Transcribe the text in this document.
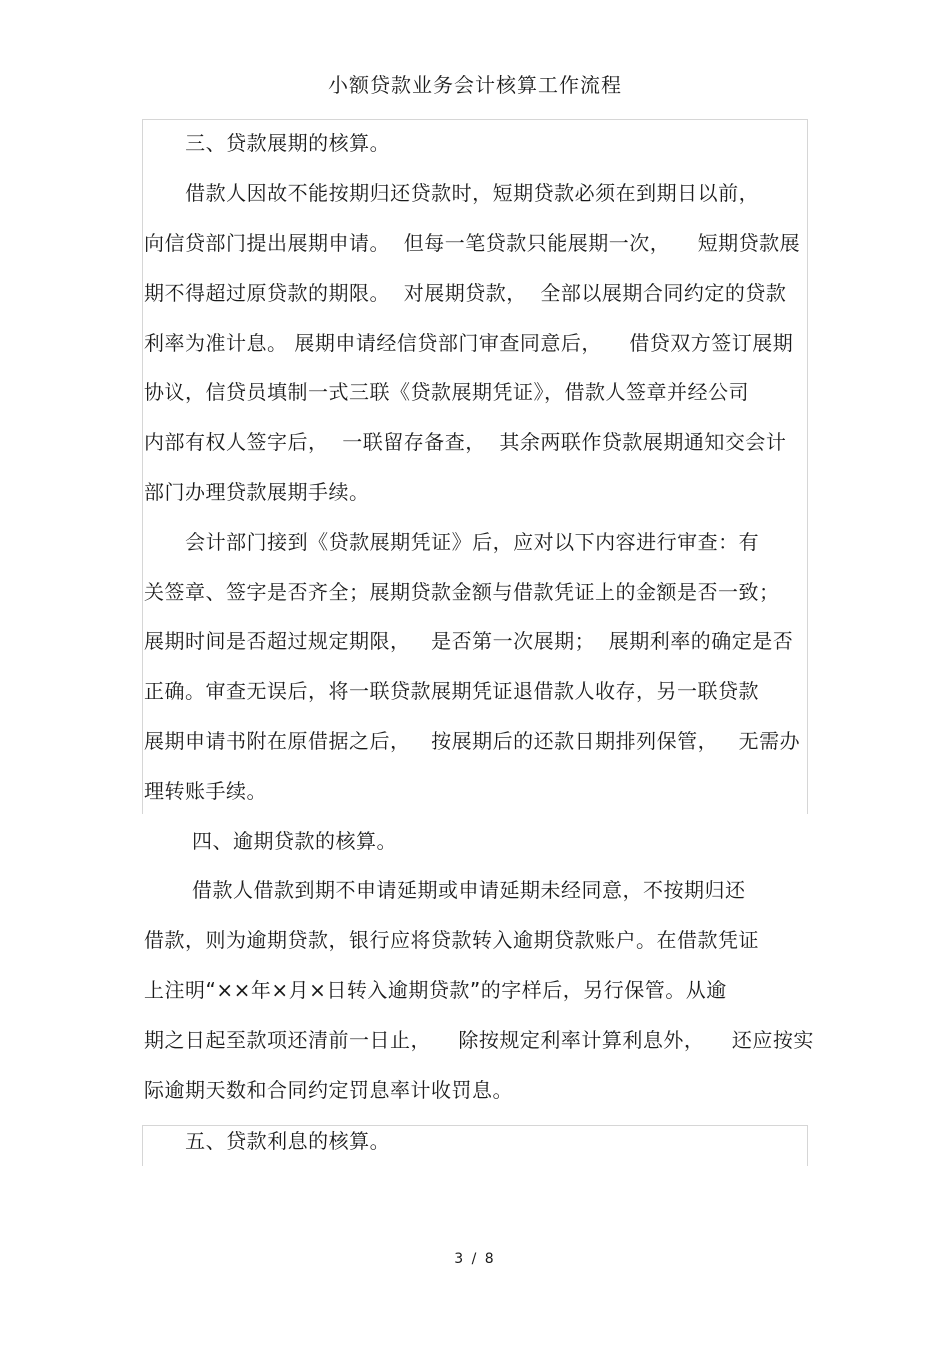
小额贷款业务会计核算工作流程
三、贷款展期的核算。
借款人因故不能按期归还贷款时，短期贷款必须在到期日以前，
向信贷部门提出展期申请。  但每一笔贷款只能展期一次，    短期贷款展
期不得超过原贷款的期限。  对展期贷款，  全部以展期合同约定的贷款
利率为准计息。 展期申请经信贷部门审查同意后，    借贷双方签订展期
协议，信贷员填制一式三联《贷款展期凭证》，借款人签章并经公司
内部有权人签字后，  一联留存备查，  其余两联作贷款展期通知交会计
部门办理贷款展期手续。
会计部门接到《贷款展期凭证》后，应对以下内容进行审查：有
关签章、签字是否齐全；展期贷款金额与借款凭证上的金额是否一致；
展期时间是否超过规定期限，   是否第一次展期；  展期利率的确定是否
正确。审查无误后，将一联贷款展期凭证退借款人收存，另一联贷款
展期申请书附在原借据之后，   按展期后的还款日期排列保管，   无需办
理转账手续。
四、逾期贷款的核算。
借款人借款到期不申请延期或申请延期未经同意，不按期归还
借款，则为逾期贷款，银行应将贷款转入逾期贷款账户。在借款凭证
上注明“××年×月×日转入逾期贷款”的字样后，另行保管。从逾
期之日起至款项还清前一日止，    除按规定利率计算利息外，    还应按实
际逾期天数和合同约定罚息率计收罚息。
五、贷款利息的核算。
3 / 8
